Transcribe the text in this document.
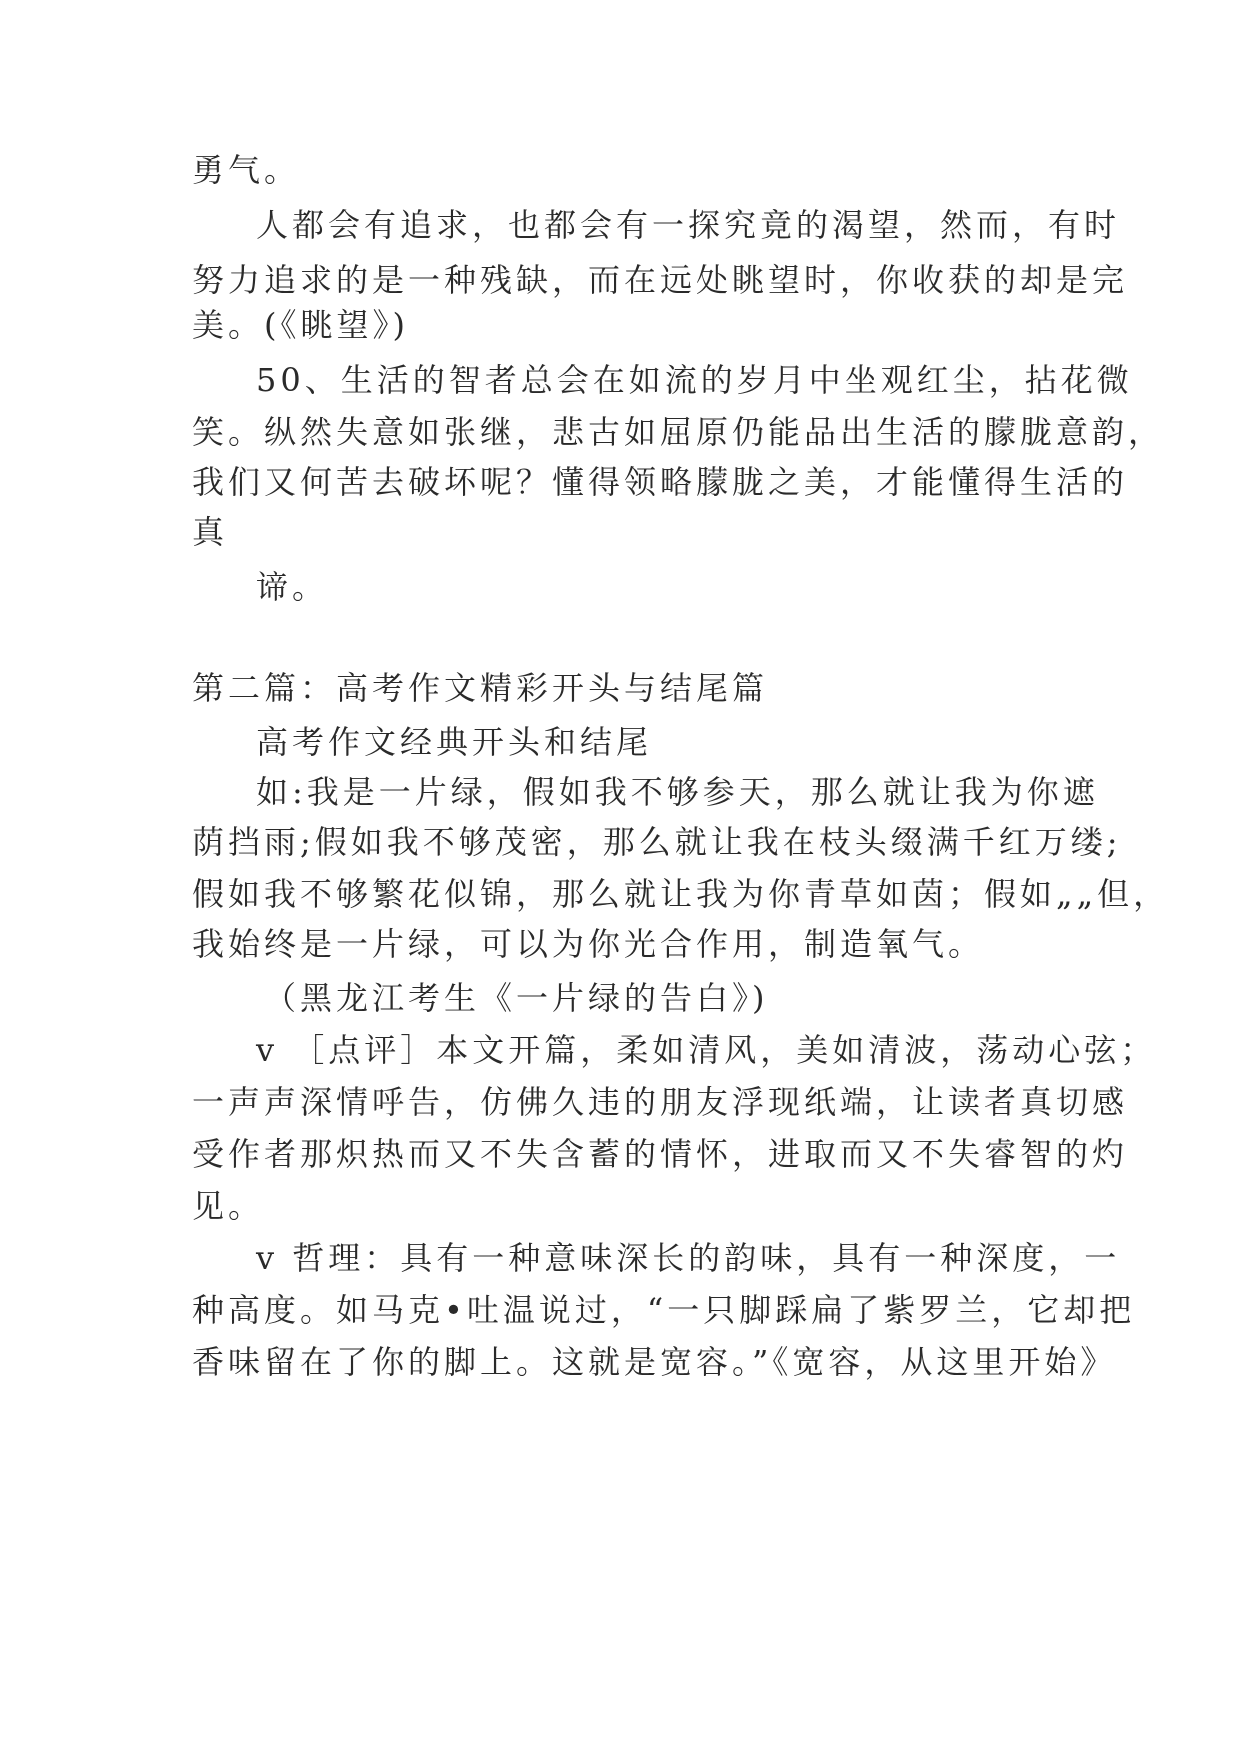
勇气。
人都会有追求，也都会有一探究竟的渴望，然而，有时
努力追求的是一种残缺，而在远处眺望时，你收获的却是完
美。(《眺望》)
50、生活的智者总会在如流的岁月中坐观红尘，拈花微
笑。纵然失意如张继，悲古如屈原仍能品出生活的朦胧意韵，
我们又何苦去破坏呢？懂得领略朦胧之美，才能懂得生活的
真
谛。
第二篇：高考作文精彩开头与结尾篇
高考作文经典开头和结尾
如:我是一片绿，假如我不够参天，那么就让我为你遮
荫挡雨;假如我不够茂密，那么就让我在枝头缀满千红万缕;
假如我不够繁花似锦，那么就让我为你青草如茵；假如„„但，
我始终是一片绿，可以为你光合作用，制造氧气。
（黑龙江考生《一片绿的告白》)
v ［点评］本文开篇，柔如清风，美如清波，荡动心弦；
一声声深情呼告，仿佛久违的朋友浮现纸端，让读者真切感
受作者那炽热而又不失含蓄的情怀，进取而又不失睿智的灼
见。
v 哲理：具有一种意味深长的韵味，具有一种深度，一
种高度。如马克•吐温说过，“一只脚踩扁了紫罗兰，它却把
香味留在了你的脚上。这就是宽容。”《宽容，从这里开始》
